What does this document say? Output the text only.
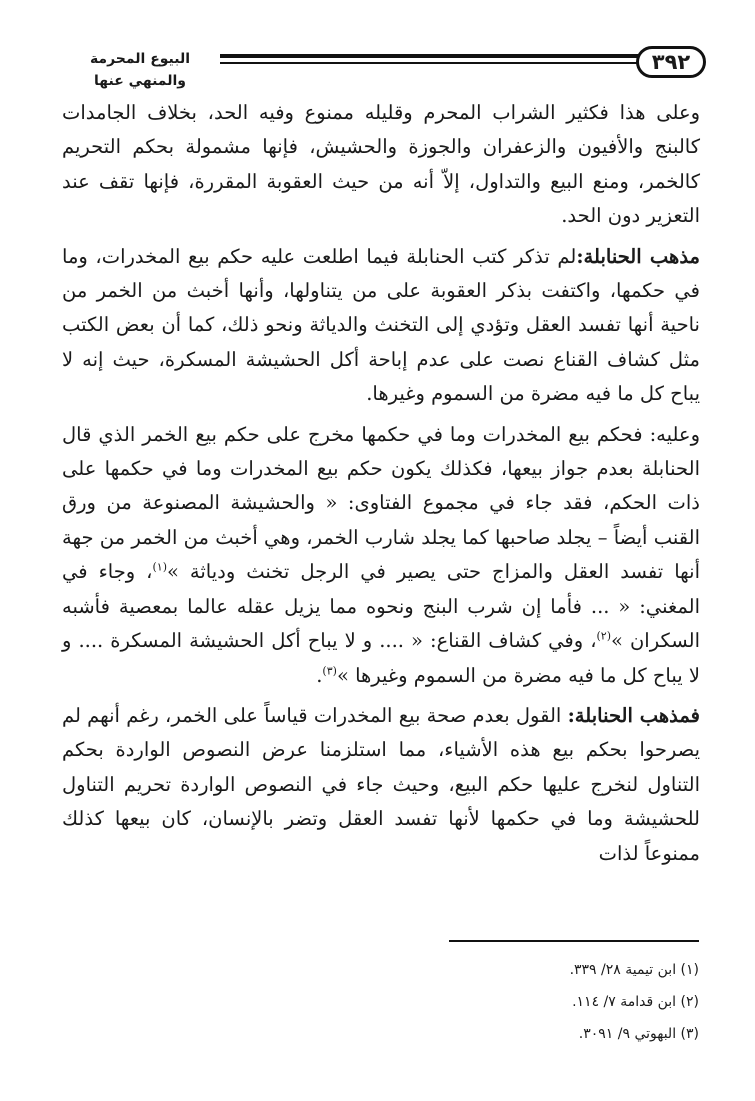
٣٩٢
البيوع المحرمة والمنهي عنها

وعلى هذا فكثير الشراب المحرم وقليله ممنوع وفيه الحد، بخلاف الجامدات كالبنج والأفيون والزعفران والجوزة والحشيش، فإنها مشمولة بحكم التحريم كالخمر، ومنع البيع والتداول، إلاّ أنه من حيث العقوبة المقررة، فإنها تقف عند التعزير دون الحد.

مذهب الحنابلة:لم تذكر كتب الحنابلة فيما اطلعت عليه حكم بيع المخدرات، وما في حكمها، واكتفت بذكر العقوبة على من يتناولها، وأنها أخبث من الخمر من ناحية أنها تفسد العقل وتؤدي إلى التخنث والدياثة ونحو ذلك، كما أن بعض الكتب مثل كشاف القناع نصت على عدم إباحة أكل الحشيشة المسكرة، حيث إنه لا يباح كل ما فيه مضرة من السموم وغيرها.

وعليه: فحكم بيع المخدرات وما في حكمها مخرج على حكم بيع الخمر الذي قال الحنابلة بعدم جواز بيعها، فكذلك يكون حكم بيع المخدرات وما في حكمها على ذات الحكم، فقد جاء في مجموع الفتاوى: « والحشيشة المصنوعة من ورق القنب أيضاً – يجلد صاحبها كما يجلد شارب الخمر، وهي أخبث من الخمر من جهة أنها تفسد العقل والمزاج حتى يصير في الرجل تخنث ودياثة »$^{(١)}$، وجاء في المغني: « ... فأما إن شرب البنج ونحوه مما يزيل عقله عالما بمعصية فأشبه السكران »$^{(٢)}$، وفي كشاف القناع: « .... و لا يباح أكل الحشيشة المسكرة .... و لا يباح كل ما فيه مضرة من السموم وغيرها »$^{(٣)}$.

فمذهب الحنابلة: القول بعدم صحة بيع المخدرات قياساً على الخمر، رغم أنهم لم يصرحوا بحكم بيع هذه الأشياء، مما استلزمنا عرض النصوص الواردة بحكم التناول لنخرج عليها حكم البيع، وحيث جاء في النصوص الواردة تحريم التناول للحشيشة وما في حكمها لأنها تفسد العقل وتضر بالإنسان، كان بيعها كذلك ممنوعاً لذات

(١) ابن تيمية ٢٨/ ٣٣٩.
(٢) ابن قدامة ٧/ ١١٤.
(٣) البهوتي ٩/ ٣٠٩١.
